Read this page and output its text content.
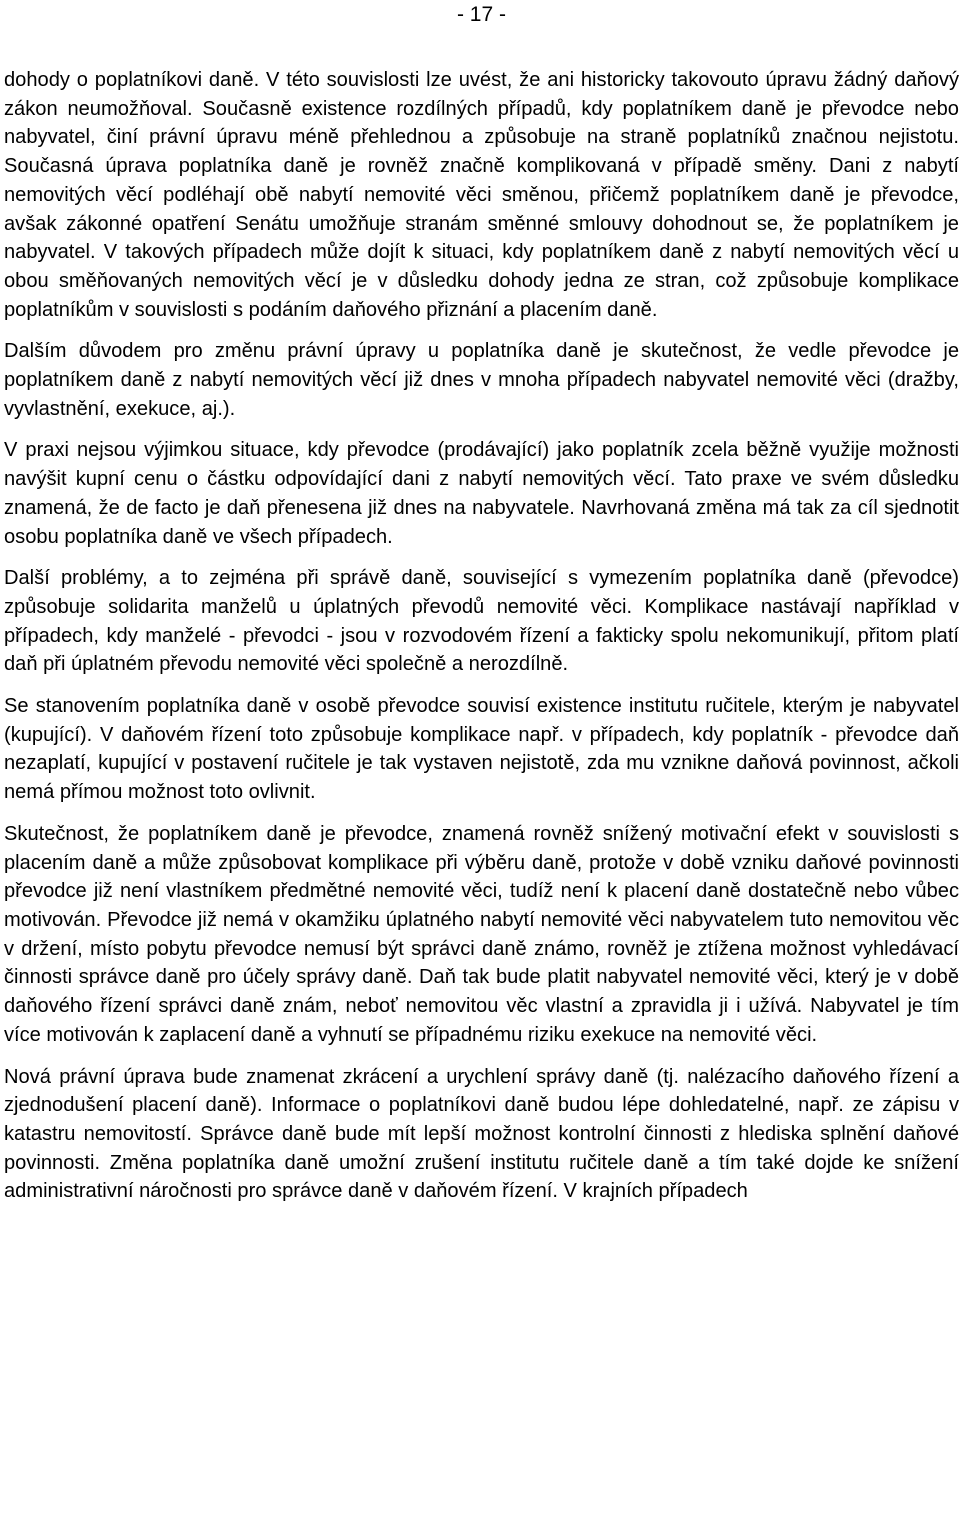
- 17 -

dohody o poplatníkovi daně. V této souvislosti lze uvést, že ani historicky takovouto úpravu žádný daňový zákon neumožňoval. Současně existence rozdílných případů, kdy poplatníkem daně je převodce nebo nabyvatel, činí právní úpravu méně přehlednou a způsobuje na straně poplatníků značnou nejistotu. Současná úprava poplatníka daně je rovněž značně komplikovaná v případě směny. Dani z nabytí nemovitých věcí podléhají obě nabytí nemovité věci směnou, přičemž poplatníkem daně je převodce, avšak zákonné opatření Senátu umožňuje stranám směnné smlouvy dohodnout se, že poplatníkem je nabyvatel. V takových případech může dojít k situaci, kdy poplatníkem daně z nabytí nemovitých věcí u obou směňovaných nemovitých věcí je v důsledku dohody jedna ze stran, což způsobuje komplikace poplatníkům v souvislosti s podáním daňového přiznání a placením daně.

Dalším důvodem pro změnu právní úpravy u poplatníka daně je skutečnost, že vedle převodce je poplatníkem daně z nabytí nemovitých věcí již dnes v mnoha případech nabyvatel nemovité věci (dražby, vyvlastnění, exekuce, aj.).

V praxi nejsou výjimkou situace, kdy převodce (prodávající) jako poplatník zcela běžně využije možnosti navýšit kupní cenu o částku odpovídající dani z nabytí nemovitých věcí. Tato praxe ve svém důsledku znamená, že de facto je daň přenesena již dnes na nabyvatele. Navrhovaná změna má tak za cíl sjednotit osobu poplatníka daně ve všech případech.

Další problémy, a to zejména při správě daně, související s vymezením poplatníka daně (převodce) způsobuje solidarita manželů u úplatných převodů nemovité věci. Komplikace nastávají například v případech, kdy manželé - převodci - jsou v rozvodovém řízení a fakticky spolu nekomunikují, přitom platí daň při úplatném převodu nemovité věci společně a nerozdílně.

Se stanovením poplatníka daně v osobě převodce souvisí existence institutu ručitele, kterým je nabyvatel (kupující). V daňovém řízení toto způsobuje komplikace např. v případech, kdy poplatník - převodce daň nezaplatí, kupující v postavení ručitele je tak vystaven nejistotě, zda mu vznikne daňová povinnost, ačkoli nemá přímou možnost toto ovlivnit.

Skutečnost, že poplatníkem daně je převodce, znamená rovněž snížený motivační efekt v souvislosti s placením daně a může způsobovat komplikace při výběru daně, protože v době vzniku daňové povinnosti převodce již není vlastníkem předmětné nemovité věci, tudíž není k placení daně dostatečně nebo vůbec motivován. Převodce již nemá v okamžiku úplatného nabytí nemovité věci nabyvatelem tuto nemovitou věc v držení, místo pobytu převodce nemusí být správci daně známo, rovněž je ztížena možnost vyhledávací činnosti správce daně pro účely správy daně. Daň tak bude platit nabyvatel nemovité věci, který je v době daňového řízení správci daně znám, neboť nemovitou věc vlastní a zpravidla ji i užívá. Nabyvatel je tím více motivován k zaplacení daně a vyhnutí se případnému riziku exekuce na nemovité věci.

Nová právní úprava bude znamenat zkrácení a urychlení správy daně (tj. nalézacího daňového řízení a zjednodušení placení daně). Informace o poplatníkovi daně budou lépe dohledatelné, např. ze zápisu v katastru nemovitostí. Správce daně bude mít lepší možnost kontrolní činnosti z hlediska splnění daňové povinnosti. Změna poplatníka daně umožní zrušení institutu ručitele daně a tím také dojde ke snížení administrativní náročnosti pro správce daně v daňovém řízení. V krajních případech
